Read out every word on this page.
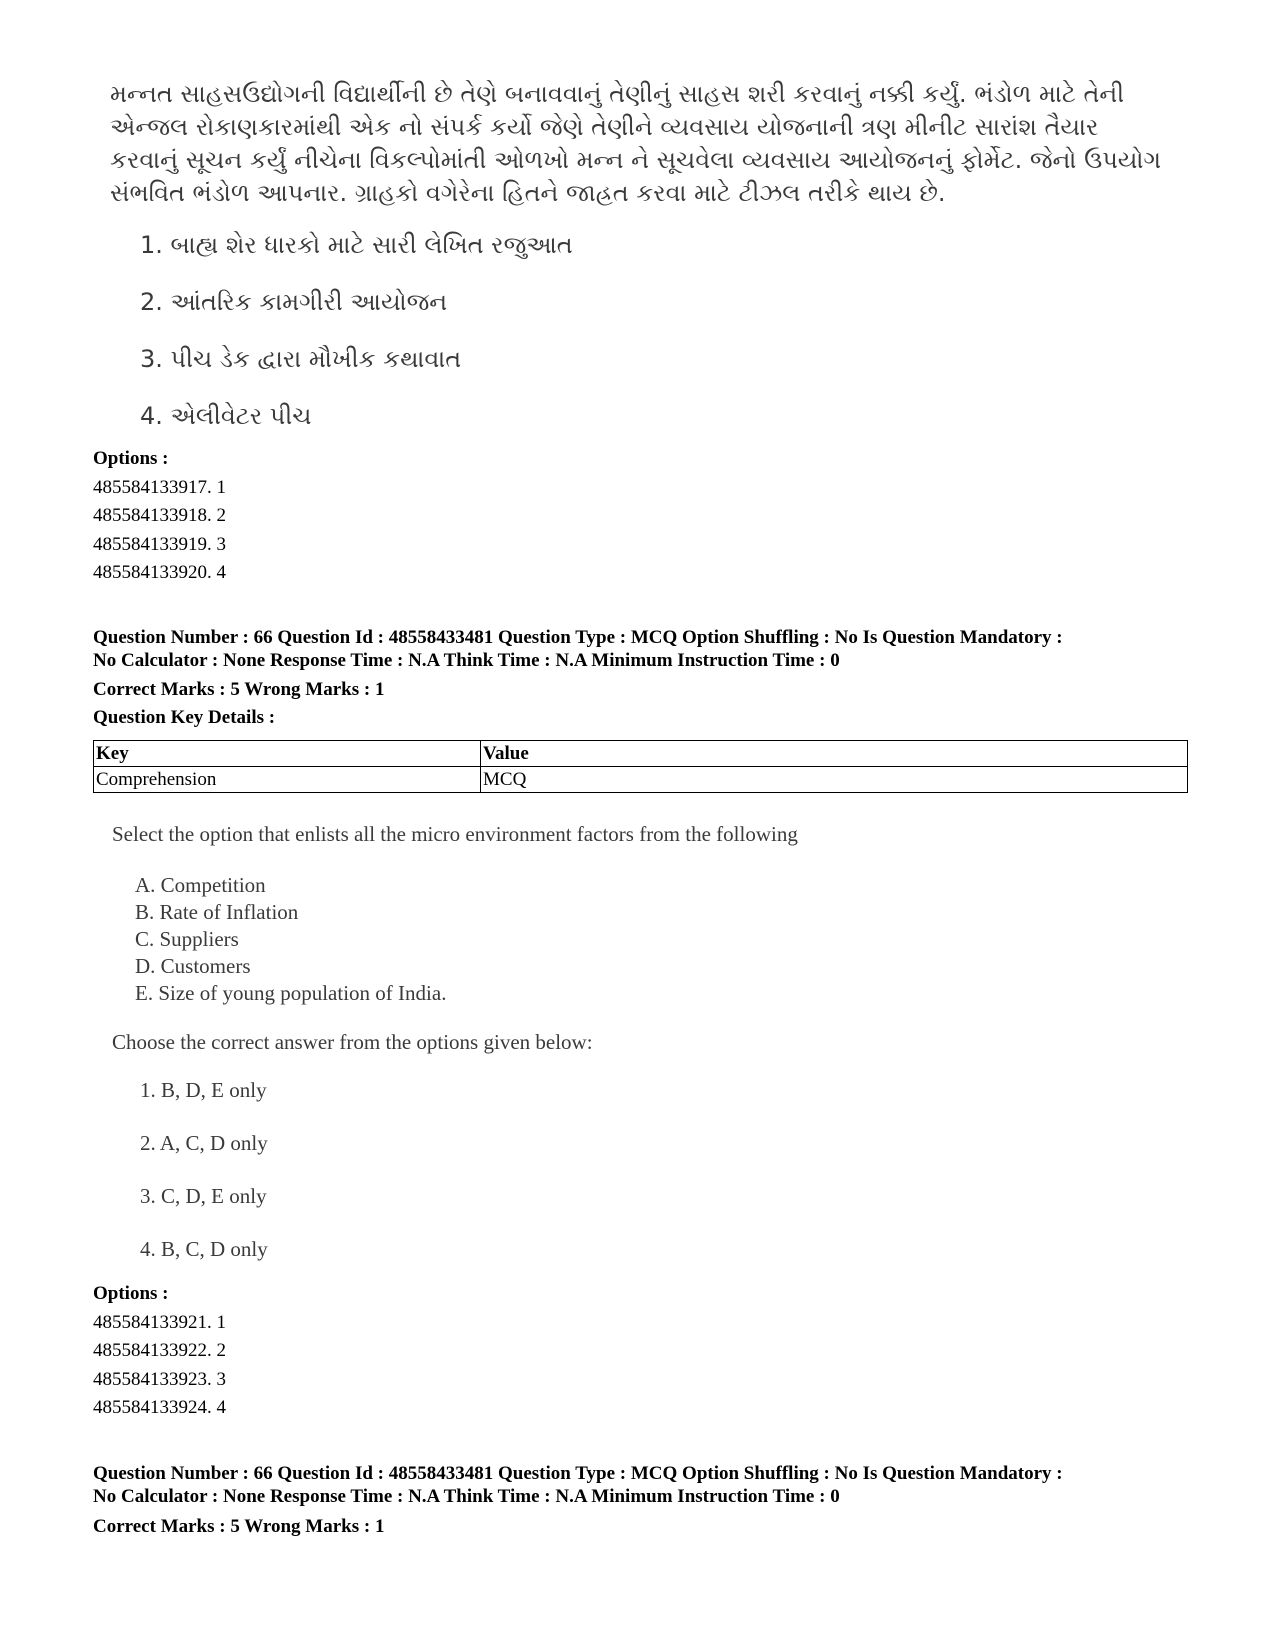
મન્નત સાહસઉદ્યોગની વિદ્યાર્થીની છે તેણે બનાવવાનું તેણીનું સાહસ શરી કરવાનું નક્કી કર્યું. ભંડોળ માટે તેની એન્જલ રોકાણકારમાંથી એક નો સંપર્ક કર્યો જેણે તેણીને વ્યવસાય યોજનાની ત્રણ મીનીટ સારાંશ તૈયાર કરવાનું સૂચન કર્યું નીચેના વિકલ્પોમાંતી ઓળખો મન્ન ને સૂચવેલા વ્યવસાય આયોજનનું ફોર્મેટ. જેનો ઉપયોગ સંભવિત ભંડોળ આપનાર. ગ્રાહકો વગેરેના હિતને જાહ્રત કરવા માટે ટીઝલ તરીકે થાય છે.
1. બાહ્ય શેર ધારકો માટે સારી લેખિત રજુઆત
2. આંતરિક કામગીરી આયોજન
3. પીચ ડેક દ્વારા મૌખીક કથાવાત
4. એલીવેટર પીચ
Options :
485584133917. 1
485584133918. 2
485584133919. 3
485584133920. 4
Question Number : 66 Question Id : 48558433481 Question Type : MCQ Option Shuffling : No Is Question Mandatory :
No Calculator : None Response Time : N.A Think Time : N.A Minimum Instruction Time : 0
Correct Marks : 5 Wrong Marks : 1
Question Key Details :
Key	Value
Comprehension	MCQ
Select the option that enlists all the micro environment factors from the following
A. Competition
B. Rate of Inflation
C. Suppliers
D. Customers
E. Size of young population of India.
Choose the correct answer from the options given below:
1. B, D, E only
2. A, C, D only
3. C, D, E only
4. B, C, D only
Options :
485584133921. 1
485584133922. 2
485584133923. 3
485584133924. 4
Question Number : 66 Question Id : 48558433481 Question Type : MCQ Option Shuffling : No Is Question Mandatory :
No Calculator : None Response Time : N.A Think Time : N.A Minimum Instruction Time : 0
Correct Marks : 5 Wrong Marks : 1
